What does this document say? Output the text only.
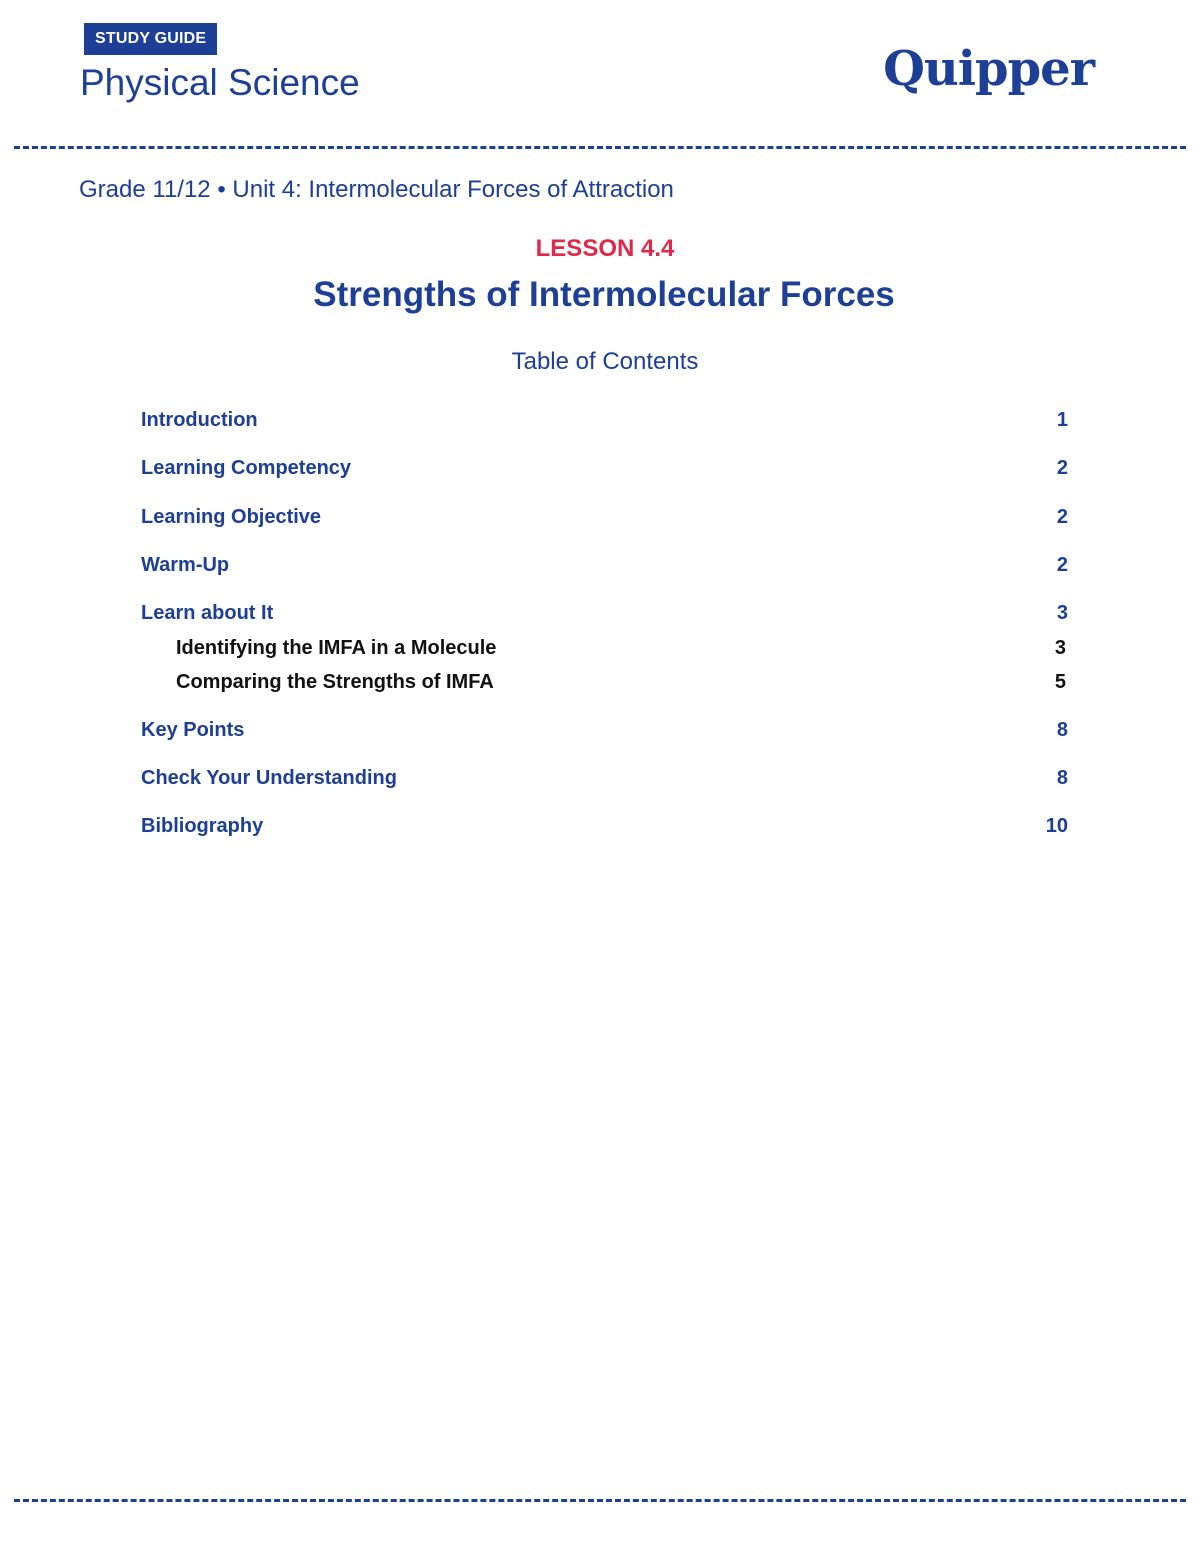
STUDY GUIDE
Physical Science	Quipper
Grade 11/12 • Unit 4: Intermolecular Forces of Attraction
LESSON 4.4
Strengths of Intermolecular Forces
Table of Contents
Introduction	1
Learning Competency	2
Learning Objective	2
Warm-Up	2
Learn about It	3
Identifying the IMFA in a Molecule	3
Comparing the Strengths of IMFA	5
Key Points	8
Check Your Understanding	8
Bibliography	10
